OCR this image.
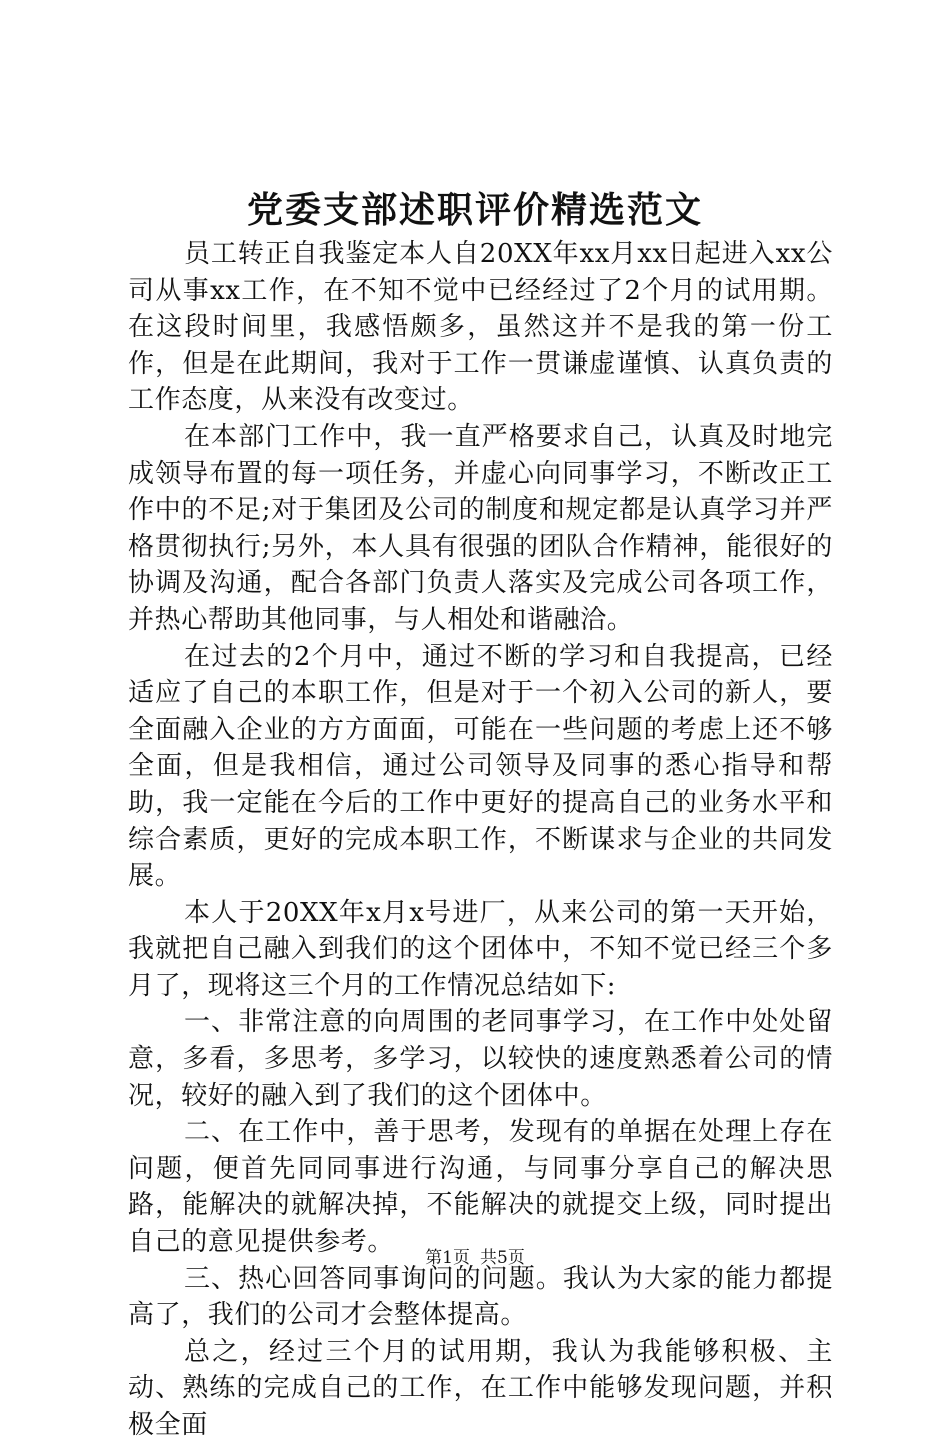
党委支部述职评价精选范文

员工转正自我鉴定本人自20XX年xx月xx日起进入xx公司从事xx工作，在不知不觉中已经经过了2个月的试用期。在这段时间里，我感悟颇多，虽然这并不是我的第一份工作，但是在此期间，我对于工作一贯谦虚谨慎、认真负责的工作态度，从来没有改变过。

在本部门工作中，我一直严格要求自己，认真及时地完成领导布置的每一项任务，并虚心向同事学习，不断改正工作中的不足;对于集团及公司的制度和规定都是认真学习并严格贯彻执行;另外，本人具有很强的团队合作精神，能很好的协调及沟通，配合各部门负责人落实及完成公司各项工作，并热心帮助其他同事，与人相处和谐融洽。

在过去的2个月中，通过不断的学习和自我提高，已经适应了自己的本职工作，但是对于一个初入公司的新人，要全面融入企业的方方面面，可能在一些问题的考虑上还不够全面，但是我相信，通过公司领导及同事的悉心指导和帮助，我一定能在今后的工作中更好的提高自己的业务水平和综合素质，更好的完成本职工作，不断谋求与企业的共同发展。

本人于20XX年x月x号进厂，从来公司的第一天开始，我就把自己融入到我们的这个团体中，不知不觉已经三个多月了，现将这三个月的工作情况总结如下:

一、非常注意的向周围的老同事学习，在工作中处处留意，多看，多思考，多学习，以较快的速度熟悉着公司的情况，较好的融入到了我们的这个团体中。

二、在工作中，善于思考，发现有的单据在处理上存在问题，便首先同同事进行沟通，与同事分享自己的解决思路，能解决的就解决掉，不能解决的就提交上级，同时提出自己的意见提供参考。

三、热心回答同事询问的问题。我认为大家的能力都提高了，我们的公司才会整体提高。

总之，经过三个月的试用期，我认为我能够积极、主动、熟练的完成自己的工作，在工作中能够发现问题，并积极全面

第1页 共5页
